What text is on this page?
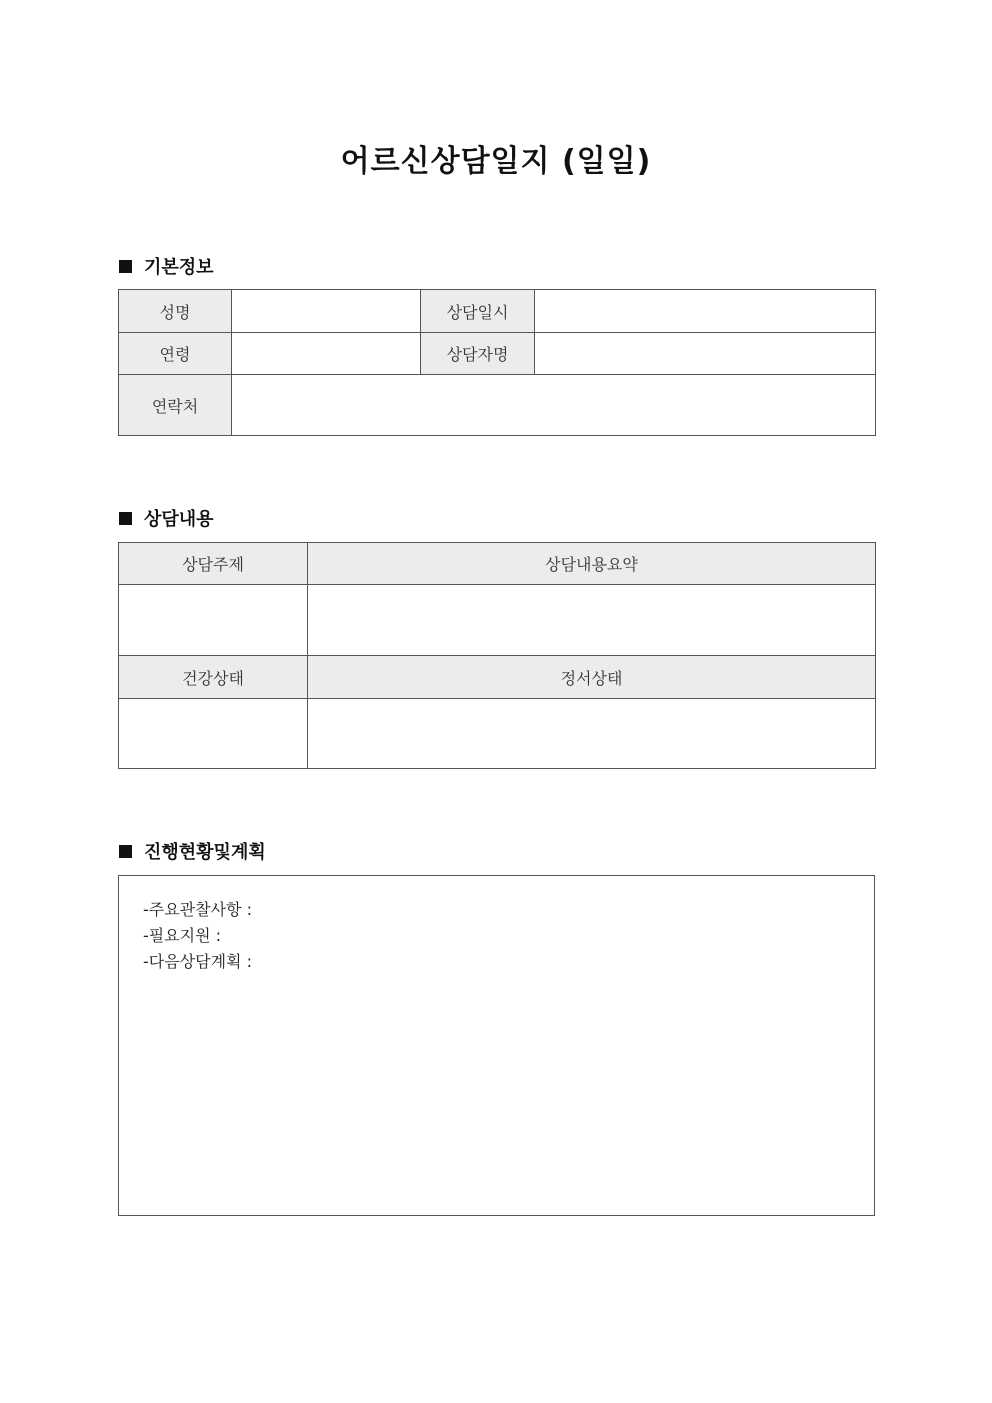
어르신상담일지 (일일)
기본정보
성명		상담일시	
연령		상담자명	
연락처			
상담내용
상담주제	상담내용요약

건강상태	정서상태

진행현황및계획
-주요관찰사항 :
-필요지원 :
-다음상담계획 :
